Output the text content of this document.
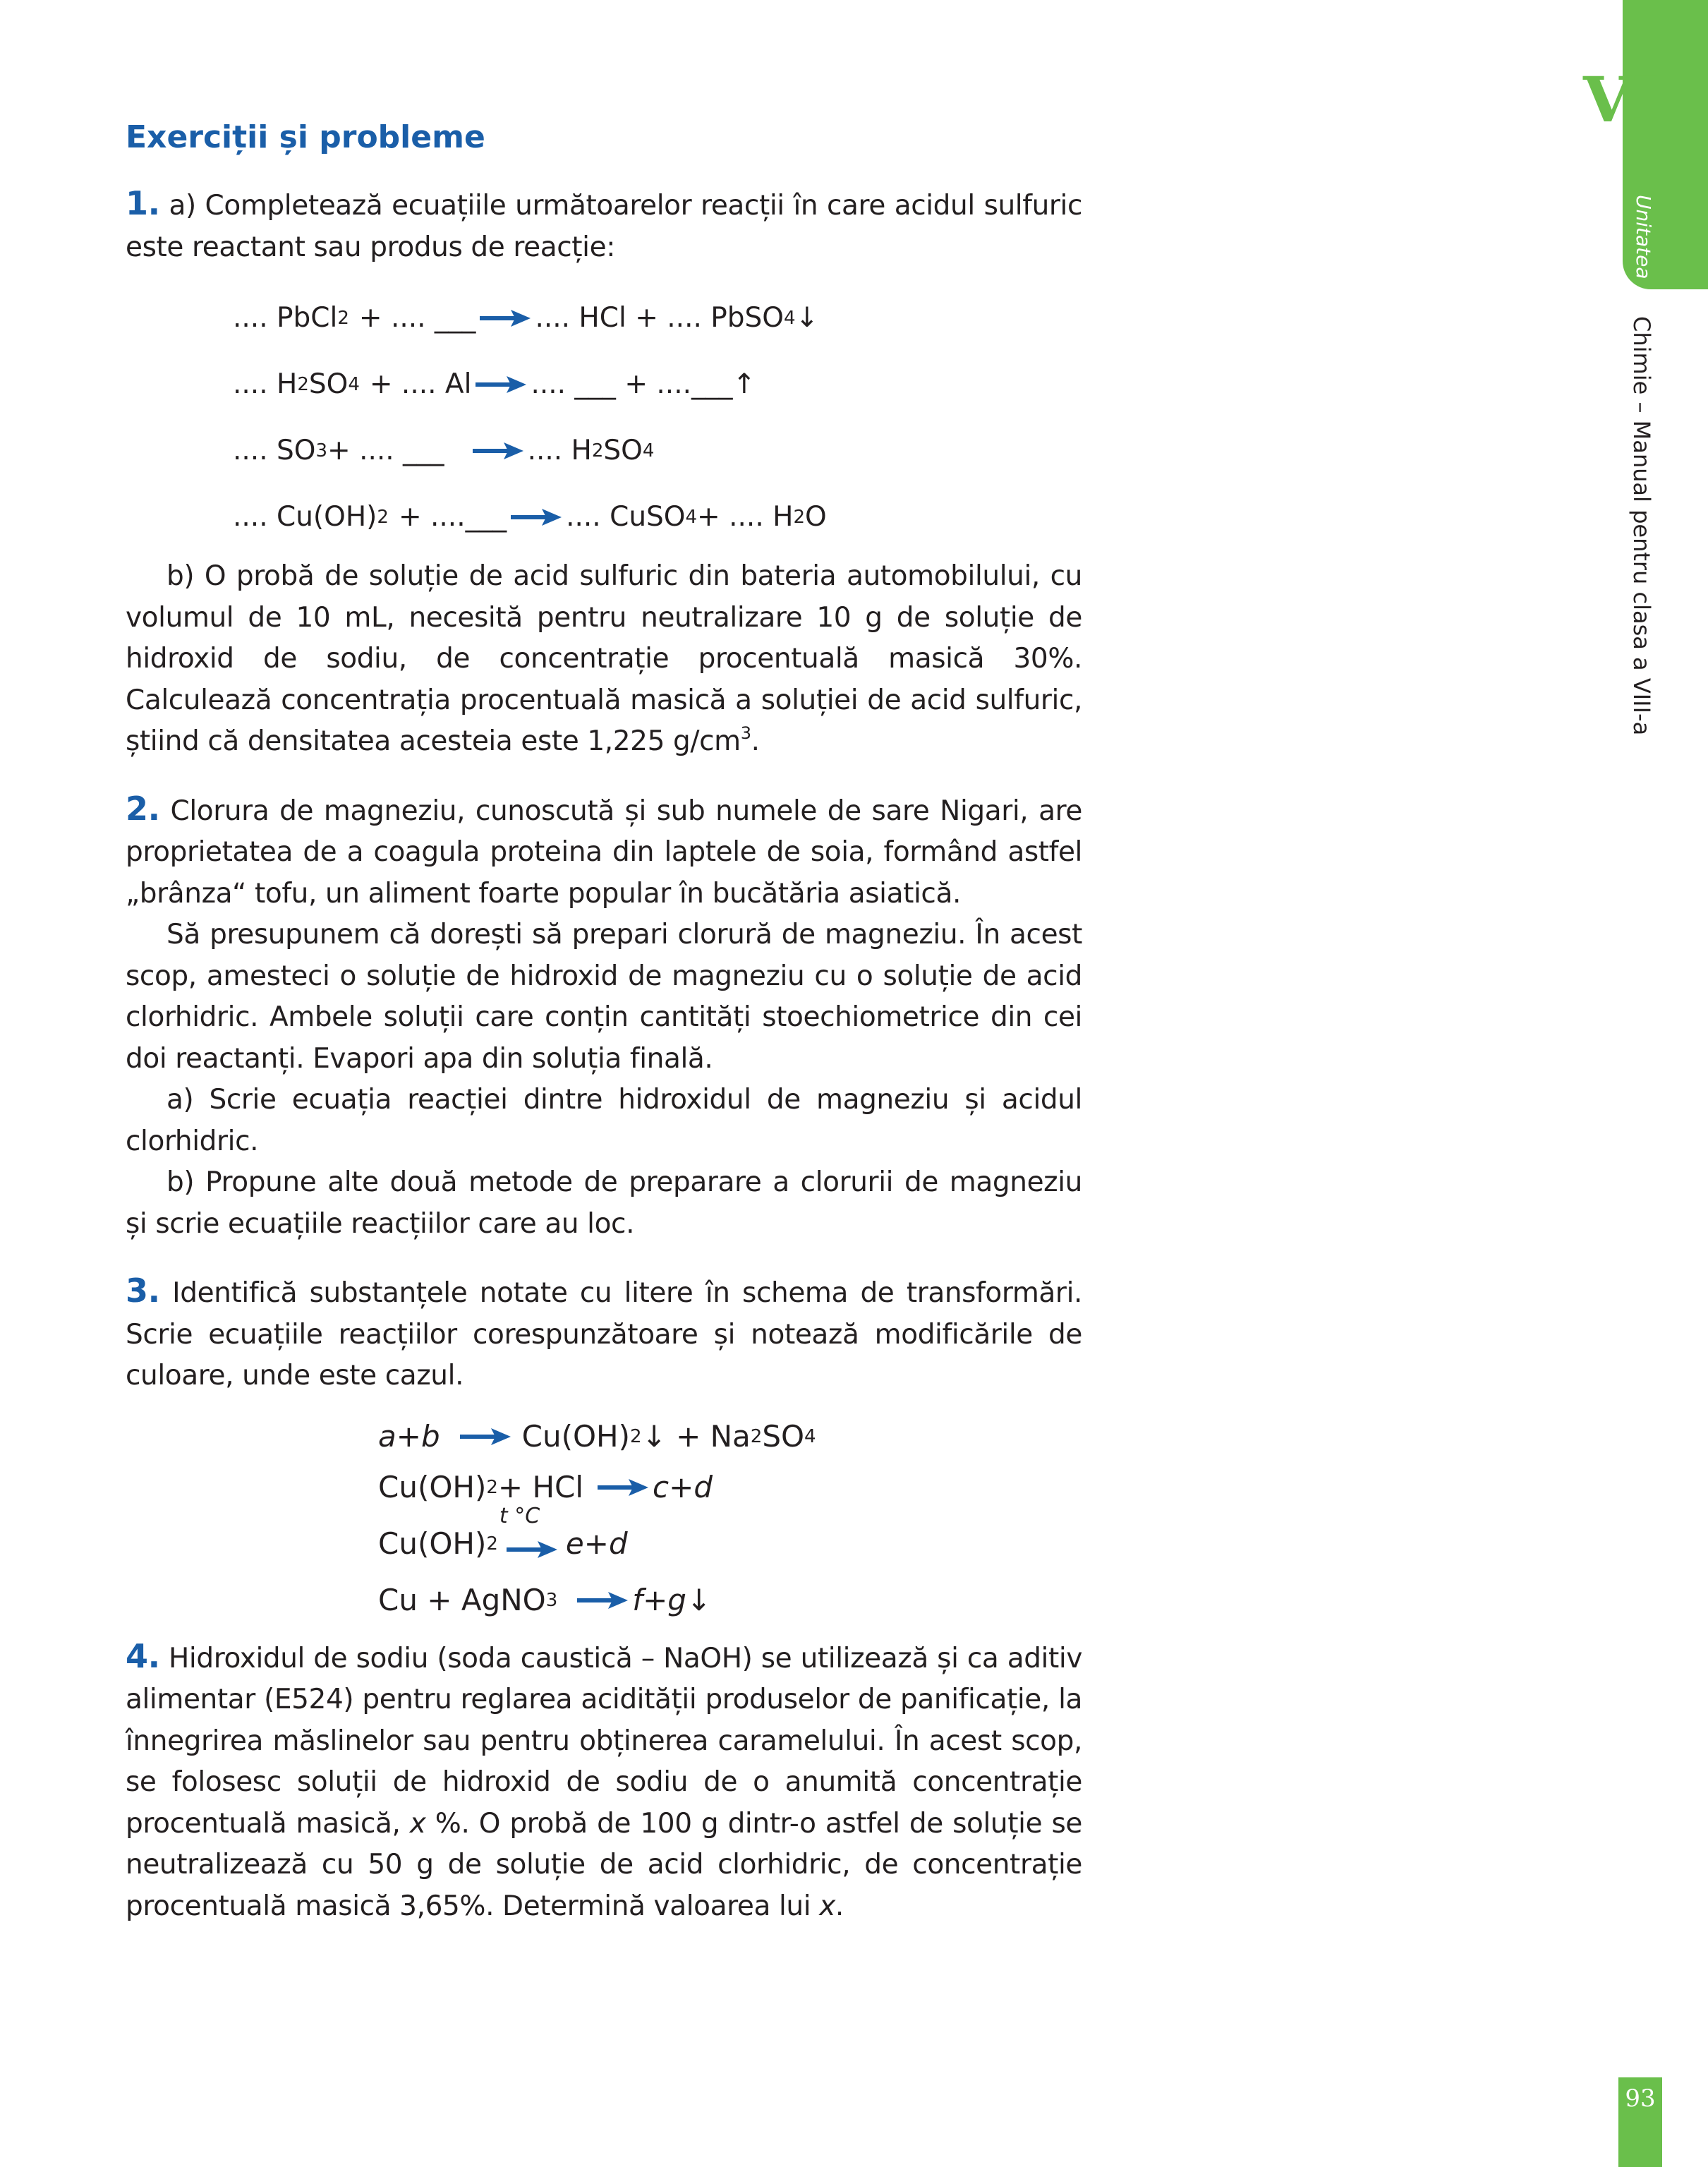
VI
Unitatea
Chimie – Manual pentru clasa a VIII-a
93
Exerciții și probleme

1. a) Completează ecuațiile următoarelor reacții în care acidul sulfuric este reactant sau produs de reacție:

.... PbCl 2 + .... ___ .... HCl + .... PbSO 4 ↓
.... H 2 SO 4 + .... Al .... ___ + ....___↑
.... SO 3 + .... ___	.... H 2 SO 4
.... Cu(OH) 2 + ....___ .... CuSO 4 + .... H 2 O

b) O probă de soluție de acid sulfuric din bateria automobilului, cu volumul de 10 mL, necesită pentru neutralizare 10 g de soluție de hidroxid de sodiu, de concentrație procentuală masică 30%. Calculează concentrația procentuală masică a soluției de acid sulfuric, știind că densitatea acesteia este 1,225 $g/cm^3$.

2. Clorura de magneziu, cunoscută și sub numele de sare Nigari, are proprietatea de a coagula proteina din laptele de soia, formând astfel „brânza“ tofu, un aliment foarte popular în bucătăria asiatică.

Să presupunem că dorești să prepari clorură de magneziu. În acest scop, amesteci o soluție de hidroxid de magneziu cu o soluție de acid clorhidric. Ambele soluții care conțin cantități stoechiometrice din cei doi reactanți. Evapori apa din soluția finală.

a) Scrie ecuația reacției dintre hidroxidul de magneziu și acidul clorhidric.

b) Propune alte două metode de preparare a clorurii de magneziu și scrie ecuațiile reacțiilor care au loc.

3. Identifică substanțele notate cu litere în schema de transformări. Scrie ecuațiile reacțiilor corespunzătoare și notează modificările de culoare, unde este cazul.

a + b	Cu(OH) 2 ↓ + Na 2 SO 4
Cu(OH) 2 + HCl c + d
Cu(OH) 2
t °C
e + d
Cu + AgNO 3	f + g ↓

4. Hidroxidul de sodiu (soda caustică – NaOH) se utilizează și ca aditiv alimentar (E524) pentru reglarea acidității produselor de panificație, la înnegrirea măslinelor sau pentru obținerea caramelului. În acest scop, se folosesc soluții de hidroxid de sodiu de o anumită concentrație procentuală masică, x %. O probă de 100 g dintr-o astfel de soluție se neutralizează cu 50 g de soluție de acid clorhidric, de concentrație procentuală masică 3,65%. Determină valoarea lui x.
